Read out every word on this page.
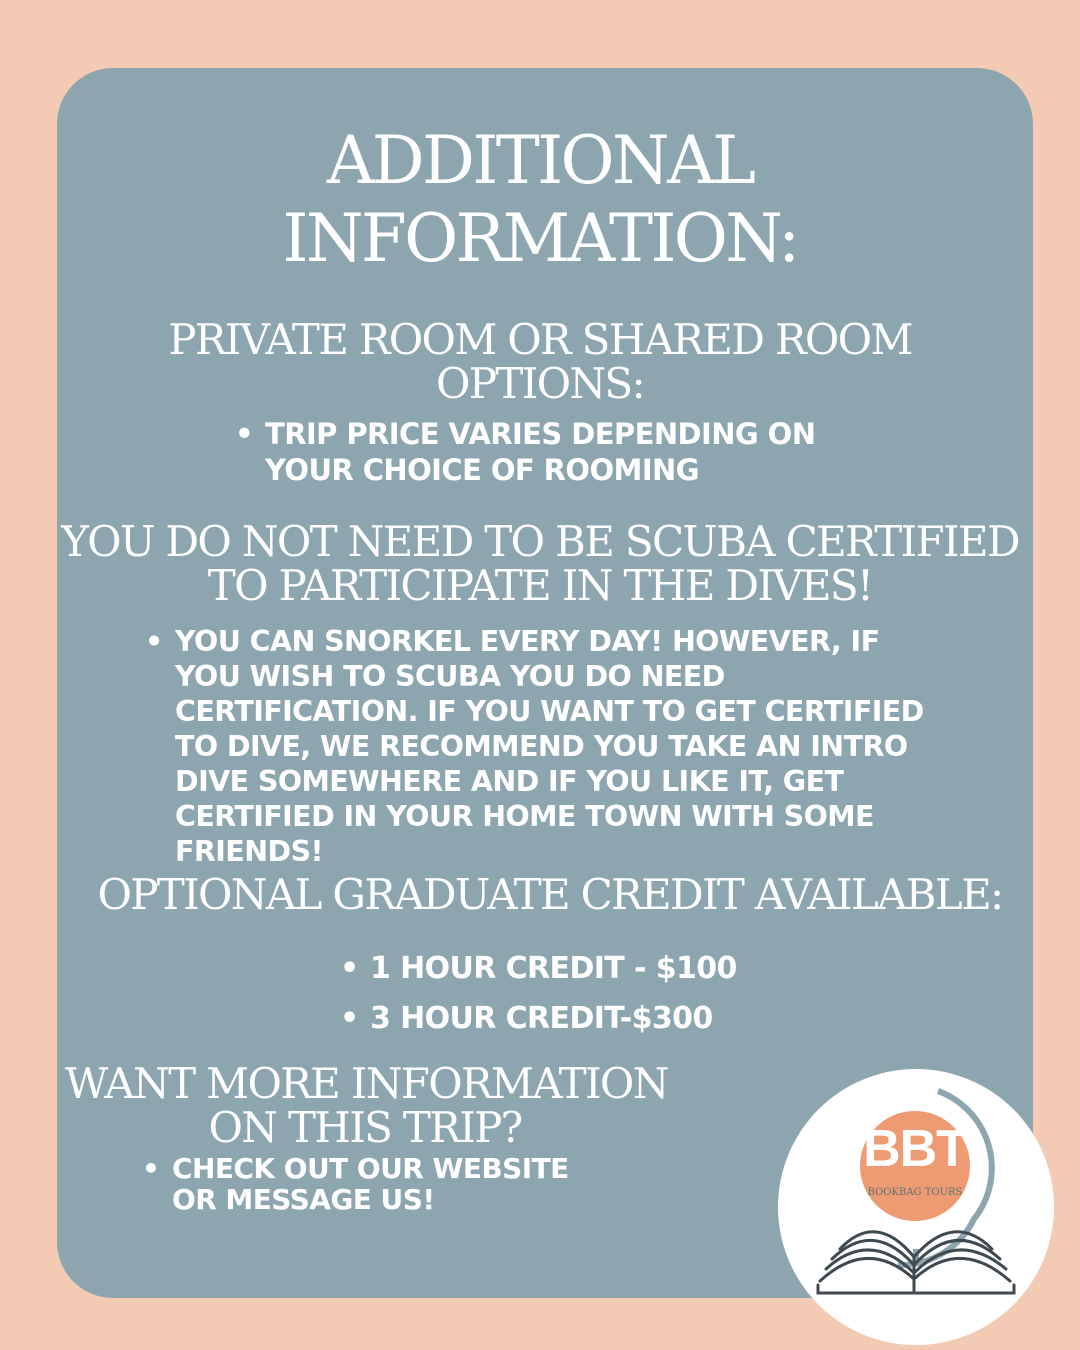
ADDITIONAL
INFORMATION:
PRIVATE ROOM OR SHARED ROOM
OPTIONS:
• TRIP PRICE VARIES DEPENDING ON
YOUR CHOICE OF ROOMING
YOU DO NOT NEED TO BE SCUBA CERTIFIED
TO PARTICIPATE IN THE DIVES!
• YOU CAN SNORKEL EVERY DAY! HOWEVER, IF
YOU WISH TO SCUBA YOU DO NEED
CERTIFICATION. IF YOU WANT TO GET CERTIFIED
TO DIVE, WE RECOMMEND YOU TAKE AN INTRO
DIVE SOMEWHERE AND IF YOU LIKE IT, GET
CERTIFIED IN YOUR HOME TOWN WITH SOME
FRIENDS!
OPTIONAL GRADUATE CREDIT AVAILABLE:
• 1 HOUR CREDIT - $100
• 3 HOUR CREDIT-$300
WANT MORE INFORMATION
ON THIS TRIP?
• CHECK OUT OUR WEBSITE
OR MESSAGE US!
BBT
BOOKBAG TOURS
